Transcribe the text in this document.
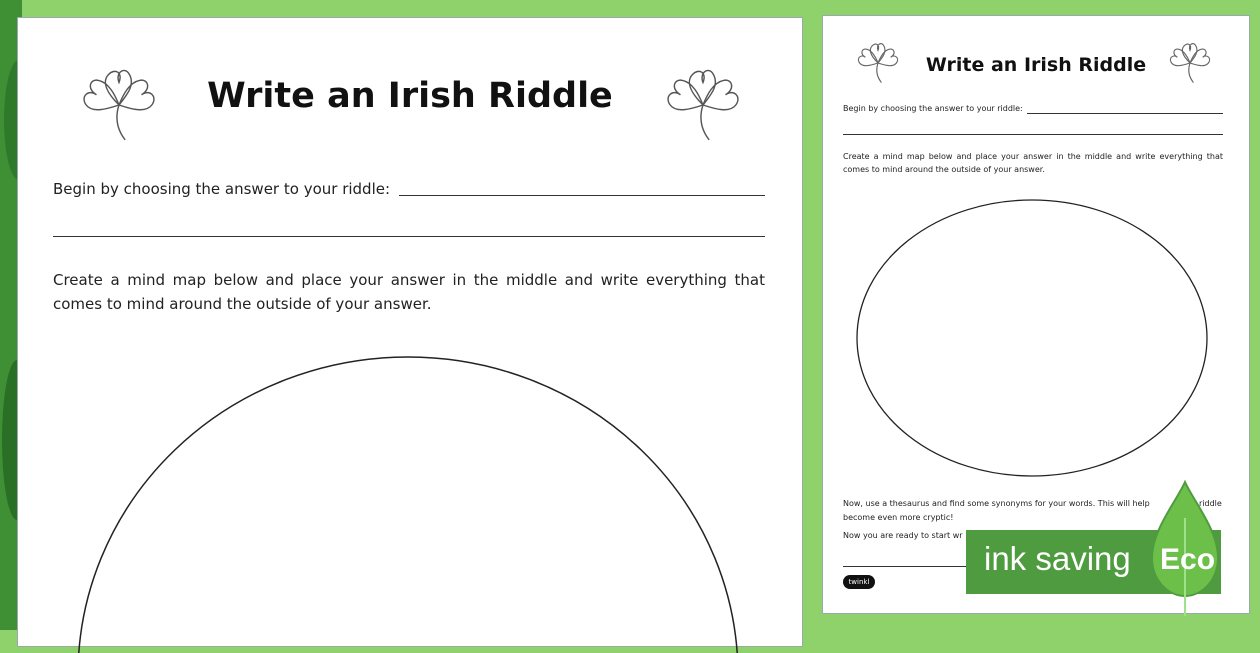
Write an Irish Riddle
Begin by choosing the answer to your riddle:
Create a mind map below and place your answer in the middle and write everything that comes to mind around the outside of your answer.
Write an Irish Riddle
Begin by choosing the answer to your riddle:
Create a mind map below and place your answer in the middle and write everything that comes to mind around the outside of your answer.
Now, use a thesaurus and find some synonyms for your words. This will help	riddle
become even more cryptic!
Now you are ready to start wr
twinkl
ink saving Eco
